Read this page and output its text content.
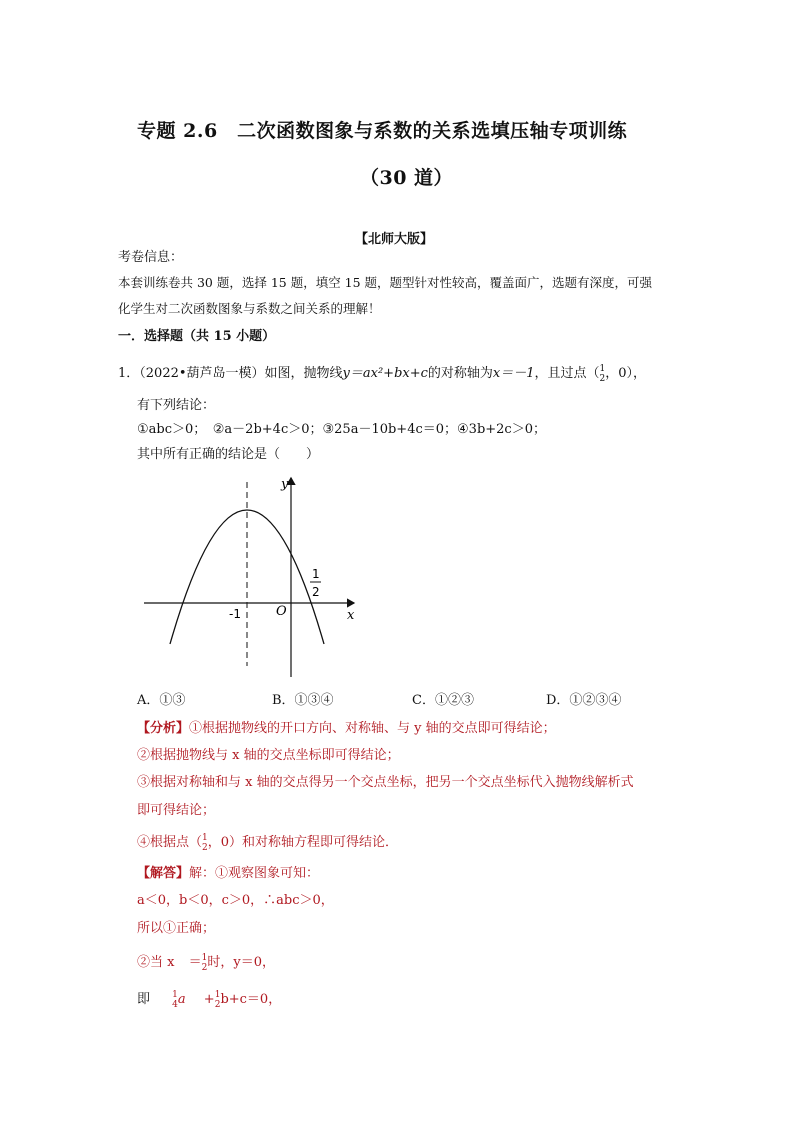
专题 2.6　二次函数图象与系数的关系选填压轴专项训练
（30 道）
【北师大版】
考卷信息：
本套训练卷共 30 题，选择 15 题，填空 15 题，题型针对性较高，覆盖面广，选题有深度，可强
化学生对二次函数图象与系数之间关系的理解！
一．选择题（共 15 小题）
1．（2022•葫芦岛一模）如图，抛物线y＝ax²+bx+c的对称轴为x＝－1，且过点（ 1
2 ，0），
有下列结论：
①abc＞0；　②a－2b+4c＞0；③25a－10b+4c＝0；④3b+2c＞0；
其中所有正确的结论是（　　）
y
x
O
-1
1
2
A．①③	B．①③④	C．①②③	D．①②③④
【分析】①根据抛物线的开口方向、对称轴、与 y 轴的交点即可得结论；
②根据抛物线与 x 轴的交点坐标即可得结论；
③根据对称轴和与 x 轴的交点得另一个交点坐标，把另一个交点坐标代入抛物线解析式
即可得结论；
④根据点（ 1
2 ，0）和对称轴方程即可得结论．
【解答】解：①观察图象可知：
a＜0，b＜0，c＞0，∴abc＞0，
所以①正确；
②当 x ＝ 1
2 时，y＝0，
即 1
4 a + 1
2 b+c＝0，
